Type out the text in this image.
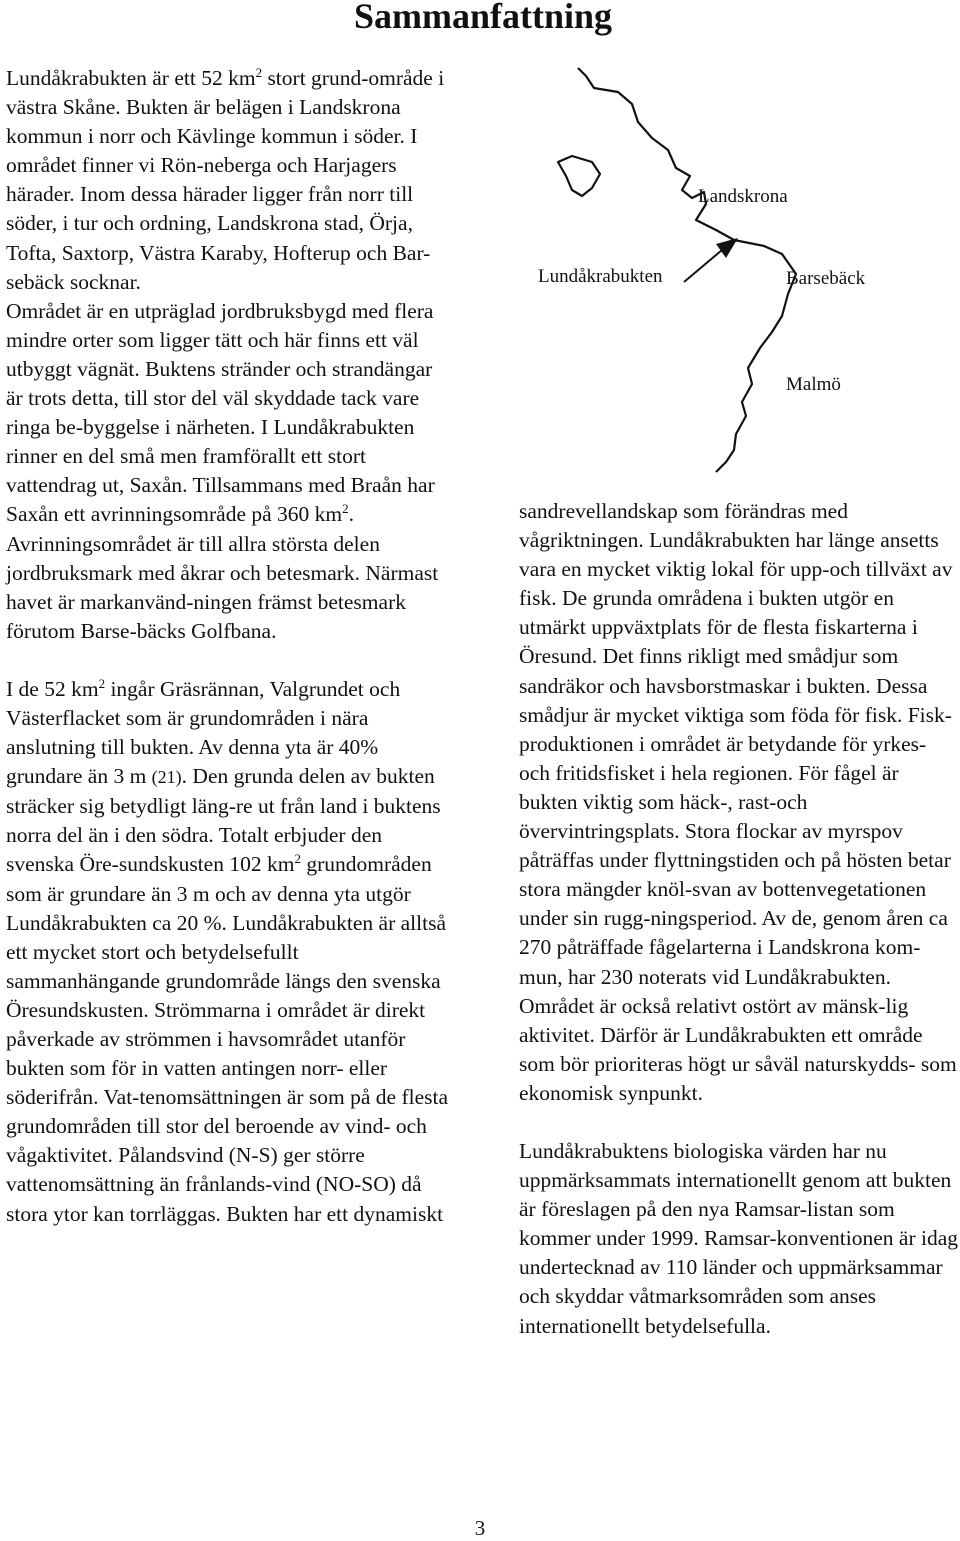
Sammanfattning

Lundåkrabukten är ett 52 $km^2$ stort grund-område i västra Skåne. Bukten är belägen i Landskrona kommun i norr och Kävlinge kommun i söder. I området finner vi Rön-neberga och Harjagers härader. Inom dessa härader ligger från norr till söder, i tur och ordning, Landskrona stad, Örja, Tofta, Saxtorp, Västra Karaby, Hofterup och Bar-sebäck socknar.

Området är en utpräglad jordbruksbygd med flera mindre orter som ligger tätt och här finns ett väl utbyggt vägnät. Buktens stränder och strandängar är trots detta, till stor del väl skyddade tack vare ringa be-byggelse i närheten. I Lundåkrabukten rinner en del små men framförallt ett stort vattendrag ut, Saxån. Tillsammans med Braån har Saxån ett avrinningsområde på 360 $km^2$. Avrinningsområdet är till allra största delen jordbruksmark med åkrar och betesmark. Närmast havet är markanvänd-ningen främst betesmark förutom Barse-bäcks Golfbana.

I de 52 $km^2$ ingår Gräsrännan, Valgrundet och Västerflacket som är grundområden i nära anslutning till bukten. Av denna yta är 40% grundare än 3 m (21). Den grunda delen av bukten sträcker sig betydligt läng-re ut från land i buktens norra del än i den södra. Totalt erbjuder den svenska Öre-sundskusten 102 $km^2$ grundområden som är grundare än 3 m och av denna yta utgör Lundåkrabukten ca 20 %. Lundåkrabukten är alltså ett mycket stort och betydelsefullt sammanhängande grundområde längs den svenska Öresundskusten. Strömmarna i området är direkt påverkade av strömmen i havsområdet utanför bukten som för in vatten antingen norr- eller söderifrån. Vat-tenomsättningen är som på de flesta grundområden till stor del beroende av vind- och vågaktivitet. Pålandsvind (N-S) ger större vattenomsättning än frånlands-vind (NO-SO) då stora ytor kan torrläggas. Bukten har ett dynamiskt

Landskrona
Lundåkrabukten	Barsebäck
Malmö

sandrevellandskap som förändras med vågriktningen. Lundåkrabukten har länge ansetts vara en mycket viktig lokal för upp-och tillväxt av fisk. De grunda områdena i bukten utgör en utmärkt uppväxtplats för de flesta fiskarterna i Öresund. Det finns rikligt med smådjur som sandräkor och havsborstmaskar i bukten. Dessa smådjur är mycket viktiga som föda för fisk. Fisk-produktionen i området är betydande för yrkes- och fritidsfisket i hela regionen. För fågel är bukten viktig som häck-, rast-och övervintringsplats. Stora flockar av myrspov påträffas under flyttningstiden och på hösten betar stora mängder knöl-svan av bottenvegetationen under sin rugg-ningsperiod. Av de, genom åren ca 270 påträffade fågelarterna i Landskrona kom-mun, har 230 noterats vid Lundåkrabukten. Området är också relativt ostört av mänsk-lig aktivitet. Därför är Lundåkrabukten ett område som bör prioriteras högt ur såväl naturskydds- som ekonomisk synpunkt.

Lundåkrabuktens biologiska värden har nu uppmärksammats internationellt genom att bukten är föreslagen på den nya Ramsar-listan som kommer under 1999. Ramsar-konventionen är idag undertecknad av 110 länder och uppmärksammar och skyddar våtmarksområden som anses internationellt betydelsefulla.

3
